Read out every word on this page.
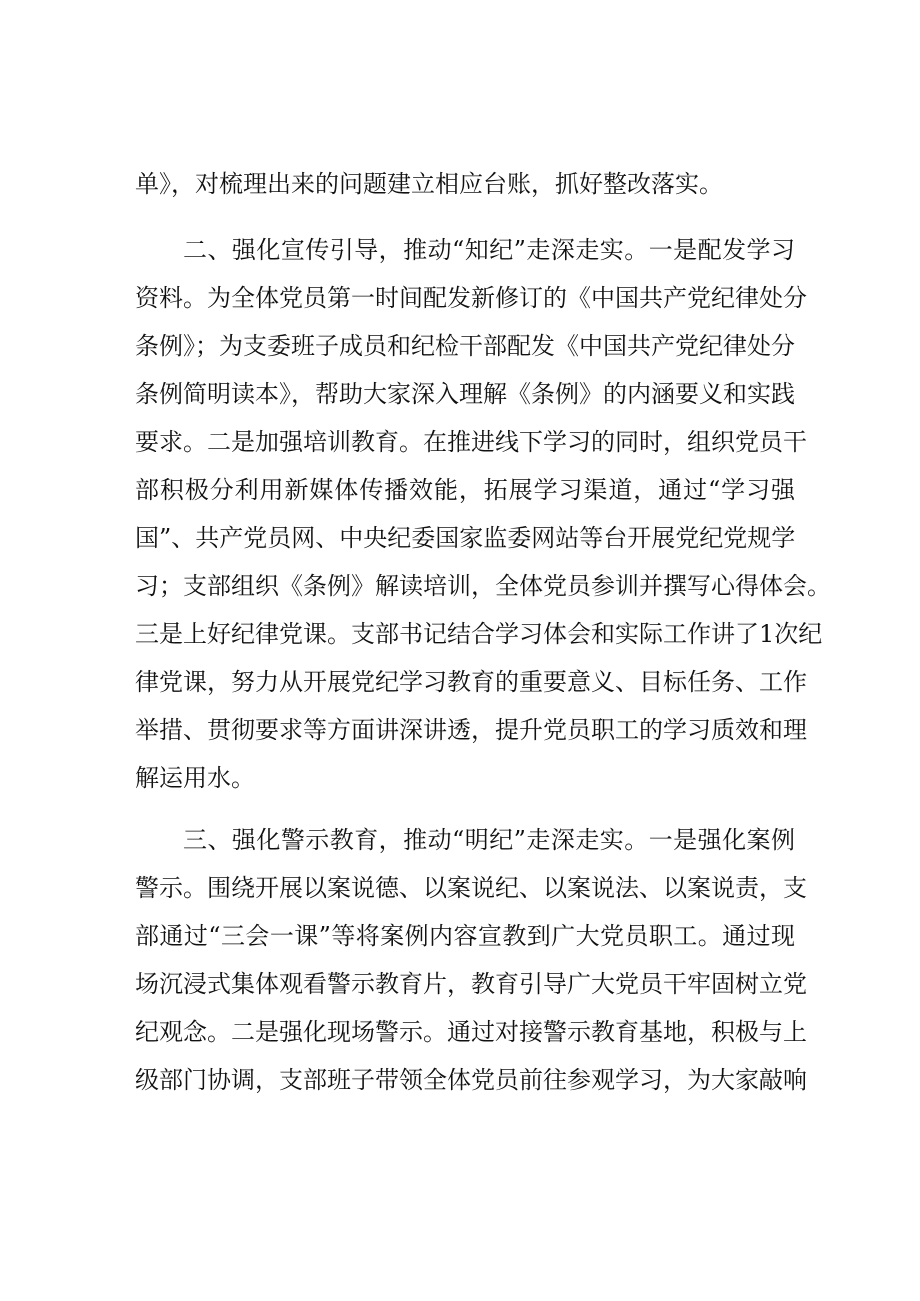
单》，对梳理出来的问题建立相应台账，抓好整改落实。
二、强化宣传引导，推动“知纪”走深走实。一是配发学习
资料。为全体党员第一时间配发新修订的《中国共产党纪律处分
条例》；为支委班子成员和纪检干部配发《中国共产党纪律处分
条例简明读本》，帮助大家深入理解《条例》的内涵要义和实践
要求。二是加强培训教育。在推进线下学习的同时，组织党员干
部积极分利用新媒体传播效能，拓展学习渠道，通过“学习强
国”、共产党员网、中央纪委国家监委网站等台开展党纪党规学
习；支部组织《条例》解读培训，全体党员参训并撰写心得体会。
三是上好纪律党课。支部书记结合学习体会和实际工作讲了1次纪
律党课，努力从开展党纪学习教育的重要意义、目标任务、工作
举措、贯彻要求等方面讲深讲透，提升党员职工的学习质效和理
解运用水。
三、强化警示教育，推动“明纪”走深走实。一是强化案例
警示。围绕开展以案说德、以案说纪、以案说法、以案说责，支
部通过“三会一课”等将案例内容宣教到广大党员职工。通过现
场沉浸式集体观看警示教育片，教育引导广大党员干牢固树立党
纪观念。二是强化现场警示。通过对接警示教育基地，积极与上
级部门协调，支部班子带领全体党员前往参观学习，为大家敲响
